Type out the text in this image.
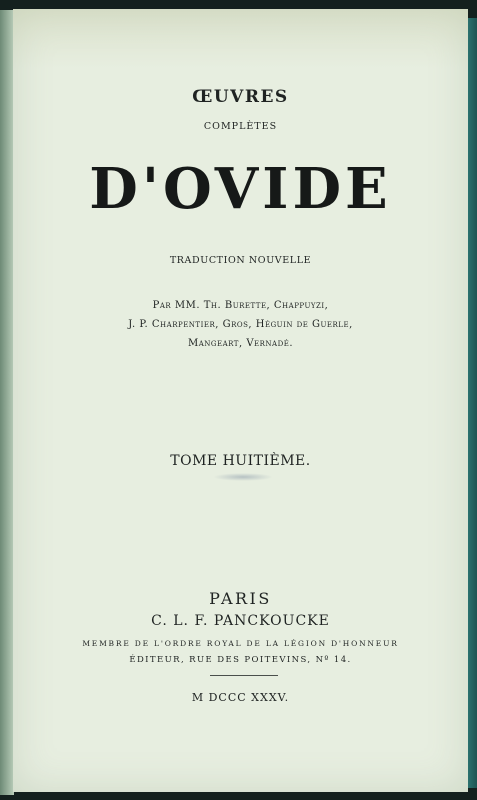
ŒUVRES
COMPLÈTES
D'OVIDE
TRADUCTION NOUVELLE
Par MM. Th. Burette, Chappuyzi,
J. P. Charpentier, Gros, Héguin de Guerle,
Mangeart, Vernadé.
TOME HUITIÈME.
PARIS
C. L. F. PANCKOUCKE
MEMBRE DE L'ORDRE ROYAL DE LA LÉGION D'HONNEUR
ÉDITEUR, RUE DES POITEVINS, Nº 14.
M DCCC XXXV.
